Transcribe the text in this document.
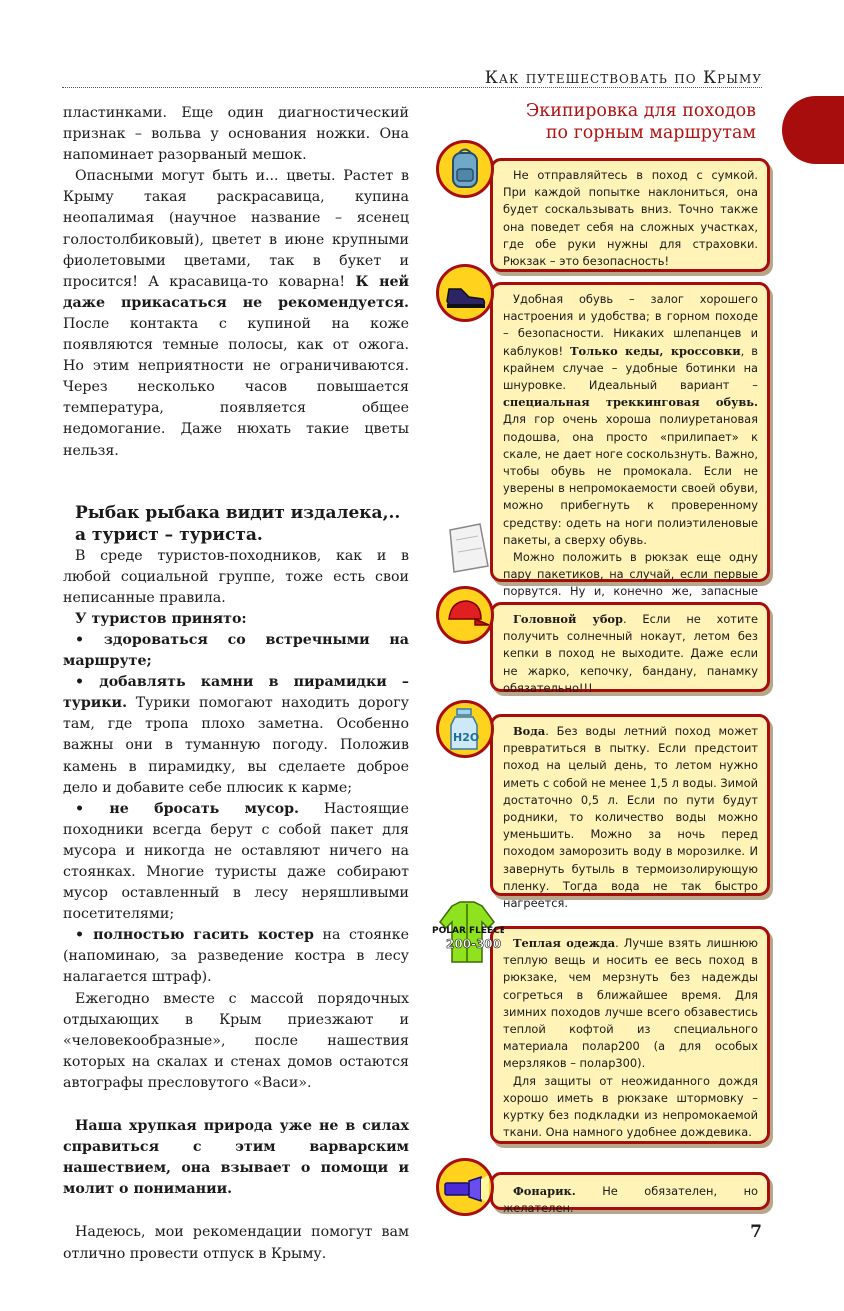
Как путешествовать по Крыму

пластинками. Еще один диагностический признак – вольва у основания ножки. Она напоминает разорваный мешок.

Опасными могут быть и... цветы. Растет в Крыму такая раскрасавица, купина неопалимая (научное название – ясенец голостолбиковый), цветет в июне крупными фиолетовыми цветами, так в букет и просится! А красавица-то коварна! К ней даже прикасаться не рекомендуется. После контакта с купиной на коже появляются темные полосы, как от ожога. Но этим неприятности не ограничиваются. Через несколько часов повышается температура, появляется общее недомогание. Даже нюхать такие цветы нельзя.

Рыбак рыбака видит издалека,..
а турист – туриста.

В среде туристов-походников, как и в любой социальной группе, тоже есть свои неписанные правила.

У туристов принято:

• здороваться со встречными на маршруте;

• добавлять камни в пирамидки – турики. Турики помогают находить дорогу там, где тропа плохо заметна. Особенно важны они в туманную погоду. Положив камень в пирамидку, вы сделаете доброе дело и добавите себе плюсик к карме;

• не бросать мусор. Настоящие походники всегда берут с собой пакет для мусора и никогда не оставляют ничего на стоянках. Многие туристы даже собирают мусор оставленный в лесу неряшливыми посетителями;

• полностью гасить костер на стоянке (напоминаю, за разведение костра в лесу налагается штраф).

Ежегодно вместе с массой порядочных отдыхающих в Крым приезжают и «человекообразные», после нашествия которых на скалах и стенах домов остаются автографы пресловутого «Васи».

Наша хрупкая природа уже не в силах справиться с этим варварским нашествием, она взывает о помощи и молит о понимании.

Надеюсь, мои рекомендации помогут вам отлично провести отпуск в Крыму.

Экипировка для походов
по горным маршрутам

Не отправляйтесь в поход с сумкой. При каждой попытке наклониться, она будет соскальзывать вниз. Точно также она поведет себя на сложных участках, где обе руки нужны для страховки. Рюкзак – это безопасность!

Удобная обувь – залог хорошего настроения и удобства; в горном походе – безопасности. Никаких шлепанцев и каблуков! Только кеды, кроссовки, в крайнем случае – удобные ботинки на шнуровке. Идеальный вариант – специальная треккинговая обувь. Для гор очень хороша полиуретановая подошва, она просто «прилипает» к скале, не дает ноге соскользнуть. Важно, чтобы обувь не промокала. Если не уверены в непромокаемости своей обуви, можно прибегнуть к проверенному средству: одеть на ноги полиэтиленовые пакеты, а сверху обувь.

Можно положить в рюкзак еще одну пару пакетиков, на случай, если первые порвутся. Ну и, конечно же, запасные

Головной убор. Если не хотите получить солнечный нокаут, летом без кепки в поход не выходите. Даже если не жарко, кепочку, бандану, панамку обязательно!!!

Вода. Без воды летний поход может превратиться в пытку. Если предстоит поход на целый день, то летом нужно иметь с собой не менее 1,5 л воды. Зимой достаточно 0,5 л. Если по пути будут родники, то количество воды можно уменьшить. Можно за ночь перед походом заморозить воду в морозилке. И завернуть бутыль в термоизолирующую пленку. Тогда вода не так быстро нагреется.

H2O

Теплая одежда. Лучше взять лишнюю теплую вещь и носить ее весь поход в рюкзаке, чем мерзнуть без надежды согреться в ближайшее время. Для зимних походов лучше всего обзавестись теплой кофтой из специального материала полар200 (а для особых мерзляков – полар300).

Для защиты от неожиданного дождя хорошо иметь в рюкзаке штормовку – куртку без подкладки из непромокаемой ткани. Она намного удобнее дождевика.

POLAR FLEECE
200-300

Фонарик. Не обязателен, но желателен.

7
